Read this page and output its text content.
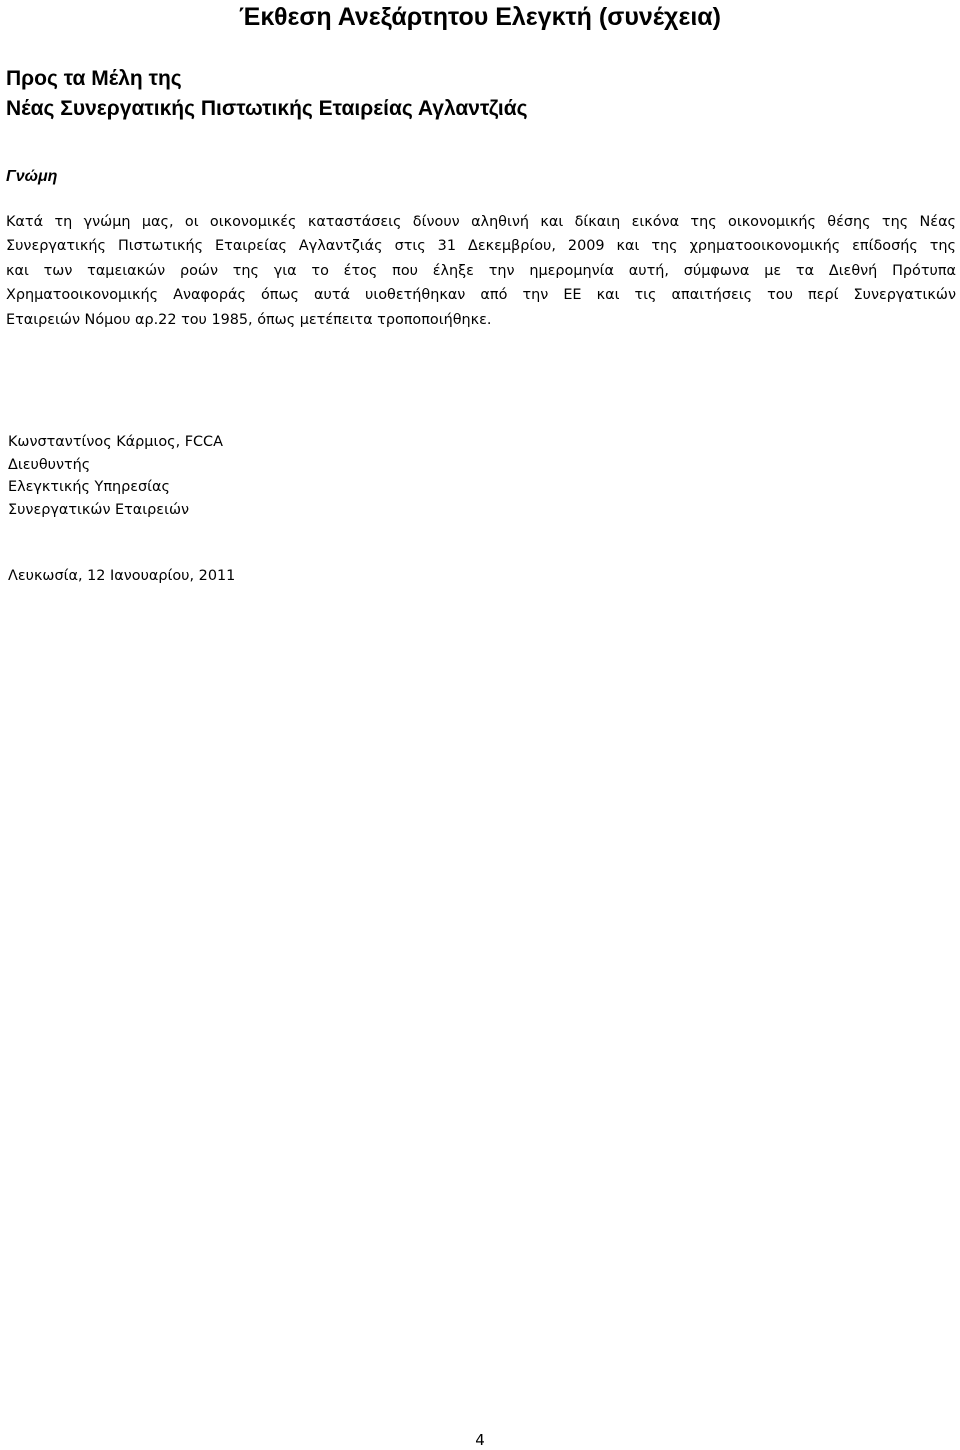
Έκθεση Ανεξάρτητου Ελεγκτή (συνέχεια)
Προς τα Μέλη της
Νέας Συνεργατικής Πιστωτικής Εταιρείας Αγλαντζιάς
Γνώμη

Κατά τη γνώμη μας, οι οικονομικές καταστάσεις δίνουν αληθινή και δίκαιη εικόνα της οικονομικής θέσης της Νέας
Συνεργατικής Πιστωτικής Εταιρείας Αγλαντζιάς στις 31 Δεκεμβρίου, 2009 και της χρηματοοικονομικής επίδοσής της
και των ταμειακών ροών της για το έτος που έληξε την ημερομηνία αυτή, σύμφωνα με τα Διεθνή Πρότυπα
Χρηματοοικονομικής Αναφοράς όπως αυτά υιοθετήθηκαν από την ΕΕ και τις απαιτήσεις του περί Συνεργατικών
Εταιρειών Νόμου αρ.22 του 1985, όπως μετέπειτα τροποποιήθηκε.

Κωνσταντίνος Κάρμιος, FCCA
Διευθυντής
Ελεγκτικής Υπηρεσίας
Συνεργατικών Εταιρειών
Λευκωσία, 12 Ιανουαρίου, 2011
4
